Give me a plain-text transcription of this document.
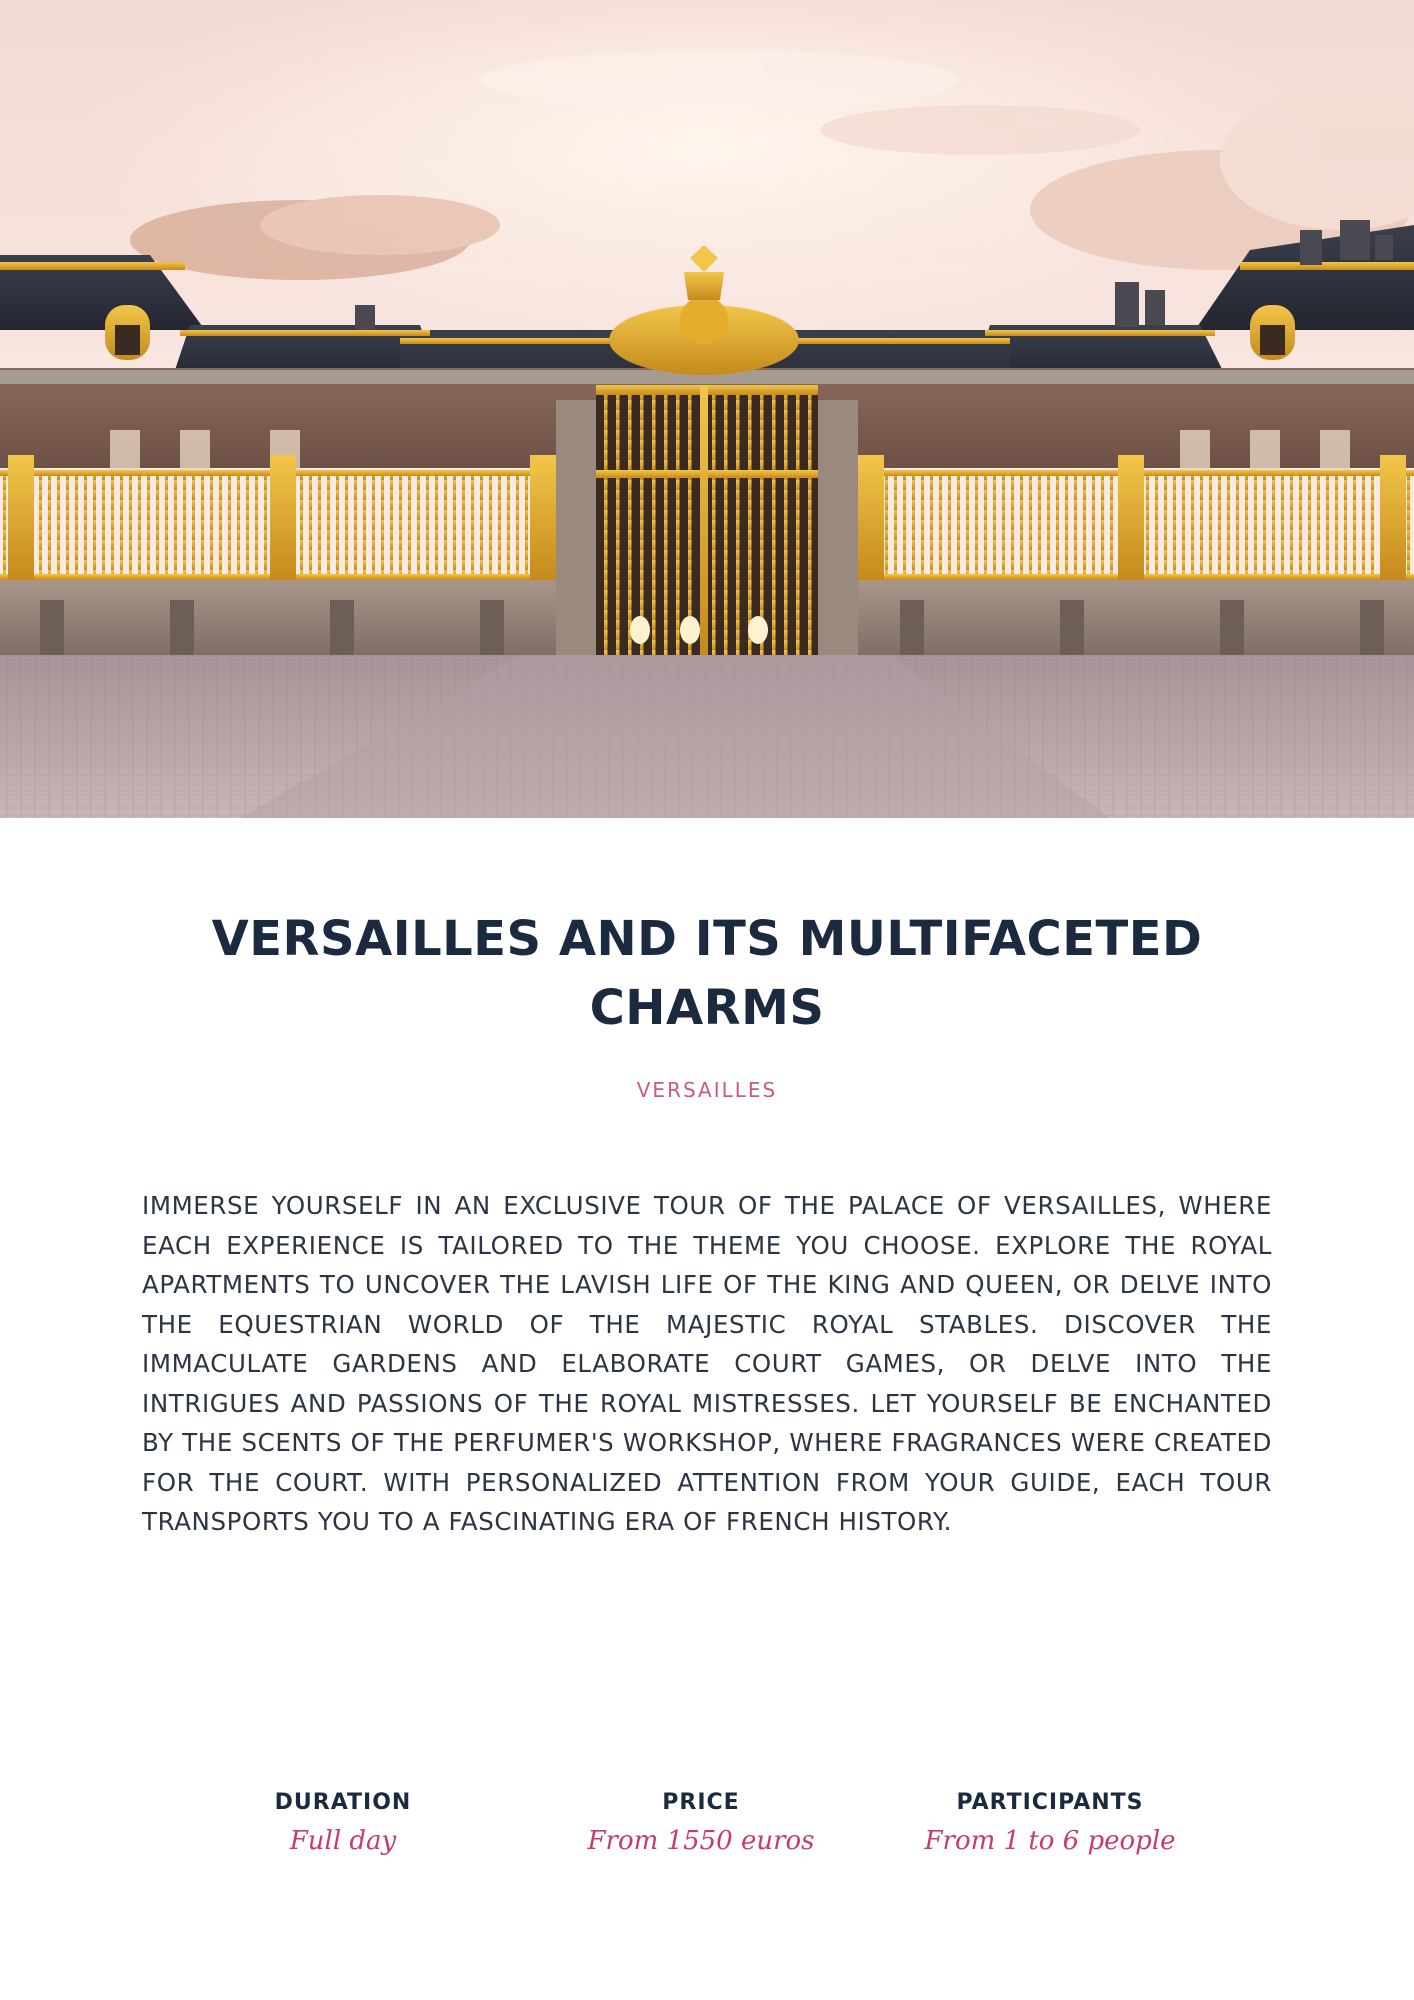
VERSAILLES AND ITS MULTIFACETED
CHARMS
VERSAILLES

IMMERSE YOURSELF IN AN EXCLUSIVE TOUR OF THE PALACE OF VERSAILLES, WHERE EACH EXPERIENCE IS TAILORED TO THE THEME YOU CHOOSE. EXPLORE THE ROYAL APARTMENTS TO UNCOVER THE LAVISH LIFE OF THE KING AND QUEEN, OR DELVE INTO THE EQUESTRIAN WORLD OF THE MAJESTIC ROYAL STABLES. DISCOVER THE IMMACULATE GARDENS AND ELABORATE COURT GAMES, OR DELVE INTO THE INTRIGUES AND PASSIONS OF THE ROYAL MISTRESSES. LET YOURSELF BE ENCHANTED BY THE SCENTS OF THE PERFUMER'S WORKSHOP, WHERE FRAGRANCES WERE CREATED FOR THE COURT. WITH PERSONALIZED ATTENTION FROM YOUR GUIDE, EACH TOUR TRANSPORTS YOU TO A FASCINATING ERA OF FRENCH HISTORY.

DURATION
Full day
PRICE
From 1550 euros
PARTICIPANTS
From 1 to 6 people
